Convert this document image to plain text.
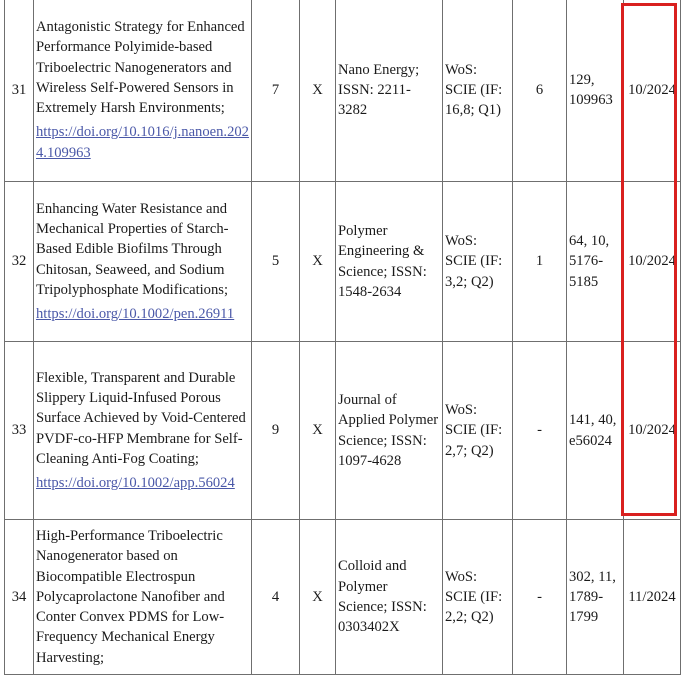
31	Antagonistic Strategy for Enhanced Performance Polyimide-based Triboelectric Nanogenerators and Wireless Self-Powered Sensors in Extremely Harsh Environments;
https://doi.org/10.1016/j.nanoen.2024.109963	7	X	Nano Energy; ISSN: 2211-3282	WoS: SCIE (IF: 16,8; Q1)	6	129, 109963	10/2024
32	Enhancing Water Resistance and Mechanical Properties of Starch-Based Edible Biofilms Through Chitosan, Seaweed, and Sodium Tripolyphosphate Modifications;
https://doi.org/10.1002/pen.26911	5	X	Polymer Engineering & Science; ISSN: 1548-2634	WoS: SCIE (IF: 3,2; Q2)	1	64, 10, 5176-5185	10/2024
33	Flexible, Transparent and Durable Slippery Liquid-Infused Porous Surface Achieved by Void-Centered PVDF-co-HFP Membrane for Self-Cleaning Anti-Fog Coating;
https://doi.org/10.1002/app.56024	9	X	Journal of Applied Polymer Science; ISSN: 1097-4628	WoS: SCIE (IF: 2,7; Q2)	-	141, 40, e56024	10/2024
34	High-Performance Triboelectric Nanogenerator based on Biocompatible Electrospun Polycaprolactone Nanofiber and Conter Convex PDMS for Low-Frequency Mechanical Energy Harvesting;	4	X	Colloid and Polymer Science; ISSN: 0303402X	WoS: SCIE (IF: 2,2; Q2)	-	302, 11, 1789-1799	11/2024
